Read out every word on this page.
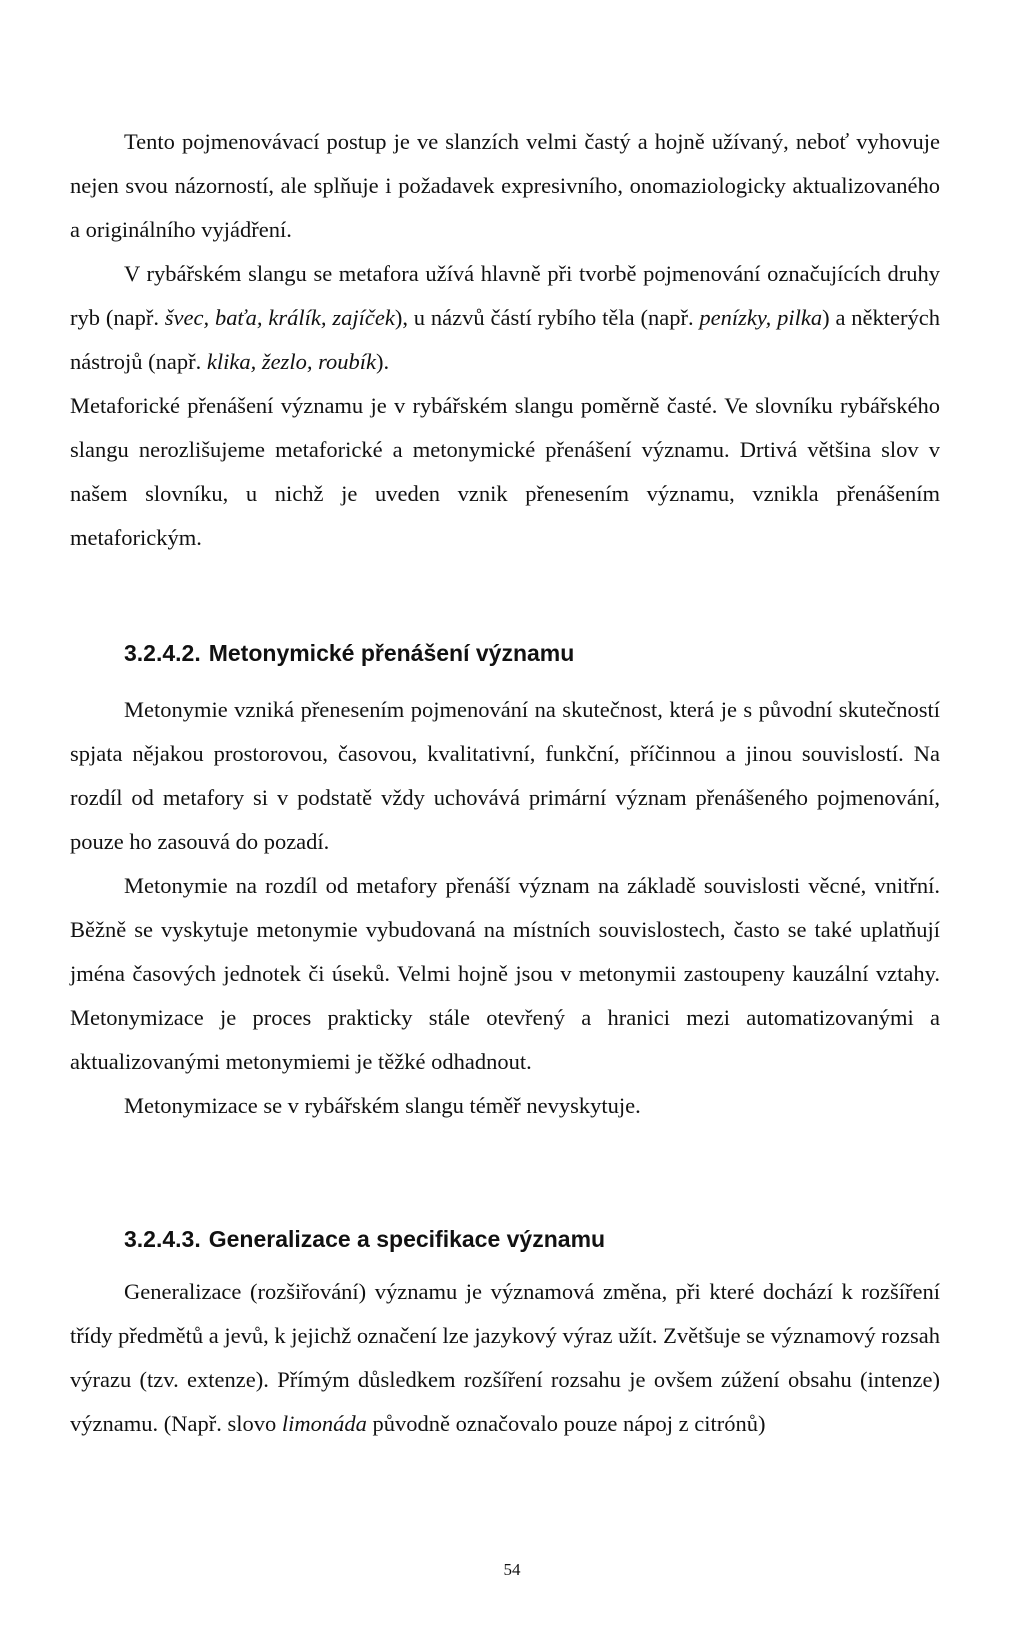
Tento pojmenovávací postup je ve slanzích velmi častý a hojně užívaný, neboť vyhovuje nejen svou názorností, ale splňuje i požadavek expresivního, onomaziologicky aktualizovaného a originálního vyjádření.

V rybářském slangu se metafora užívá hlavně při tvorbě pojmenování označujících druhy ryb (např. švec, baťa, králík, zajíček), u názvů částí rybího těla (např. penízky, pilka) a některých nástrojů (např. klika, žezlo, roubík).

Metaforické přenášení významu je v rybářském slangu poměrně časté. Ve slovníku rybářského slangu nerozlišujeme metaforické a metonymické přenášení významu. Drtivá většina slov v našem slovníku, u nichž je uveden vznik přenesením významu, vznikla přenášením metaforickým.

3.2.4.2. Metonymické přenášení významu

Metonymie vzniká přenesením pojmenování na skutečnost, která je s původní skutečností spjata nějakou prostorovou, časovou, kvalitativní, funkční, příčinnou a jinou souvislostí. Na rozdíl od metafory si v podstatě vždy uchovává primární význam přenášeného pojmenování, pouze ho zasouvá do pozadí.

Metonymie na rozdíl od metafory přenáší význam na základě souvislosti věcné, vnitřní. Běžně se vyskytuje metonymie vybudovaná na místních souvislostech, často se také uplatňují jména časových jednotek či úseků. Velmi hojně jsou v metonymii zastoupeny kauzální vztahy. Metonymizace je proces prakticky stále otevřený a hranici mezi automatizovanými a aktualizovanými metonymiemi je těžké odhadnout.

Metonymizace se v rybářském slangu téměř nevyskytuje.

3.2.4.3. Generalizace a specifikace významu

Generalizace (rozšiřování) významu je významová změna, při které dochází k rozšíření třídy předmětů a jevů, k jejichž označení lze jazykový výraz užít. Zvětšuje se významový rozsah výrazu (tzv. extenze). Přímým důsledkem rozšíření rozsahu je ovšem zúžení obsahu (intenze) významu. (Např. slovo limonáda původně označovalo pouze nápoj z citrónů)

54
